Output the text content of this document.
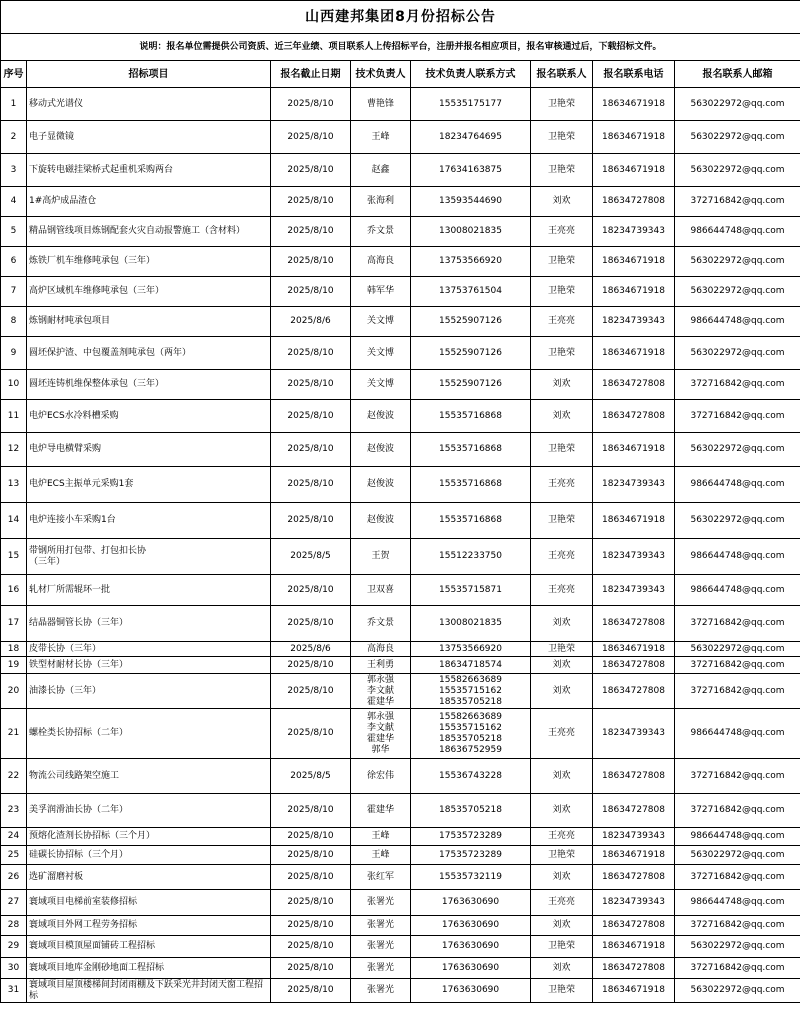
山西建邦集团8月份招标公告							
说明：报名单位需提供公司资质、近三年业绩、项目联系人上传招标平台，注册并报名相应项目，报名审核通过后，下载招标文件。							
序号	招标项目	报名截止日期	技术负责人	技术负责人联系方式	报名联系人	报名联系电话	报名联系人邮箱
1	移动式光谱仪	2025/8/10	曹艳锋	15535175177	卫艳荣	18634671918	563022972@qq.com
2	电子显微镜	2025/8/10	王峰	18234764695	卫艳荣	18634671918	563022972@qq.com
3	下旋转电磁挂梁桥式起重机采购两台	2025/8/10	赵鑫	17634163875	卫艳荣	18634671918	563022972@qq.com
4	1#高炉成品渣仓	2025/8/10	张海利	13593544690	刘欢	18634727808	372716842@qq.com
5	精品钢管线项目炼钢配套火灾自动报警施工（含材料）	2025/8/10	乔文景	13008021835	王亮亮	18234739343	986644748@qq.com
6	炼铁厂机车维修吨承包（三年）	2025/8/10	高海良	13753566920	卫艳荣	18634671918	563022972@qq.com
7	高炉区域机车维修吨承包（三年）	2025/8/10	韩军华	13753761504	卫艳荣	18634671918	563022972@qq.com
8	炼钢耐材吨承包项目	2025/8/6	关文博	15525907126	王亮亮	18234739343	986644748@qq.com
9	圆坯保护渣、中包覆盖剂吨承包（两年）	2025/8/10	关文博	15525907126	卫艳荣	18634671918	563022972@qq.com
10	圆坯连铸机维保整体承包（三年）	2025/8/10	关文博	15525907126	刘欢	18634727808	372716842@qq.com
11	电炉ECS水冷料槽采购	2025/8/10	赵俊波	15535716868	刘欢	18634727808	372716842@qq.com
12	电炉导电横臂采购	2025/8/10	赵俊波	15535716868	卫艳荣	18634671918	563022972@qq.com
13	电炉ECS主振单元采购1套	2025/8/10	赵俊波	15535716868	王亮亮	18234739343	986644748@qq.com
14	电炉连接小车采购1台	2025/8/10	赵俊波	15535716868	卫艳荣	18634671918	563022972@qq.com
15	带钢所用打包带、打包扣长协
（三年）	2025/8/5	王贺	15512233750	王亮亮	18234739343	986644748@qq.com
16	轧材厂所需辊环一批	2025/8/10	卫双喜	15535715871	王亮亮	18234739343	986644748@qq.com
17	结晶器铜管长协（三年）	2025/8/10	乔文景	13008021835	刘欢	18634727808	372716842@qq.com
18	皮带长协（三年）	2025/8/6	高海良	13753566920	卫艳荣	18634671918	563022972@qq.com
19	铁型材耐材长协（三年）	2025/8/10	王利勇	18634718574	刘欢	18634727808	372716842@qq.com
20	油漆长协（三年）	2025/8/10	郭永强
李文献
霍建华	15582663689
15535715162
18535705218	刘欢	18634727808	372716842@qq.com
21	螺栓类长协招标（二年）	2025/8/10	郭永强
李文献
霍建华
郭华	15582663689
15535715162
18535705218
18636752959	王亮亮	18234739343	986644748@qq.com
22	物流公司线路架空施工	2025/8/5	徐宏伟	15536743228	刘欢	18634727808	372716842@qq.com
23	美孚润滑油长协（二年）	2025/8/10	霍建华	18535705218	刘欢	18634727808	372716842@qq.com
24	预熔化渣剂长协招标（三个月）	2025/8/10	王峰	17535723289	王亮亮	18234739343	986644748@qq.com
25	硅碳长协招标（三个月）	2025/8/10	王峰	17535723289	卫艳荣	18634671918	563022972@qq.com
26	选矿溜磨衬板	2025/8/10	张红军	15535732119	刘欢	18634727808	372716842@qq.com
27	寰域项目电梯前室装修招标	2025/8/10	张署光	1763630690	王亮亮	18234739343	986644748@qq.com
28	寰域项目外网工程劳务招标	2025/8/10	张署光	1763630690	刘欢	18634727808	372716842@qq.com
29	寰域项目模顶屋面铺砖工程招标	2025/8/10	张署光	1763630690	卫艳荣	18634671918	563022972@qq.com
30	寰域项目地库金刚砂地面工程招标	2025/8/10	张署光	1763630690	刘欢	18634727808	372716842@qq.com
31	寰域项目屋顶楼梯间封闭雨棚及下跃采光井封闭天窗工程招标	2025/8/10	张署光	1763630690	卫艳荣	18634671918	563022972@qq.com
